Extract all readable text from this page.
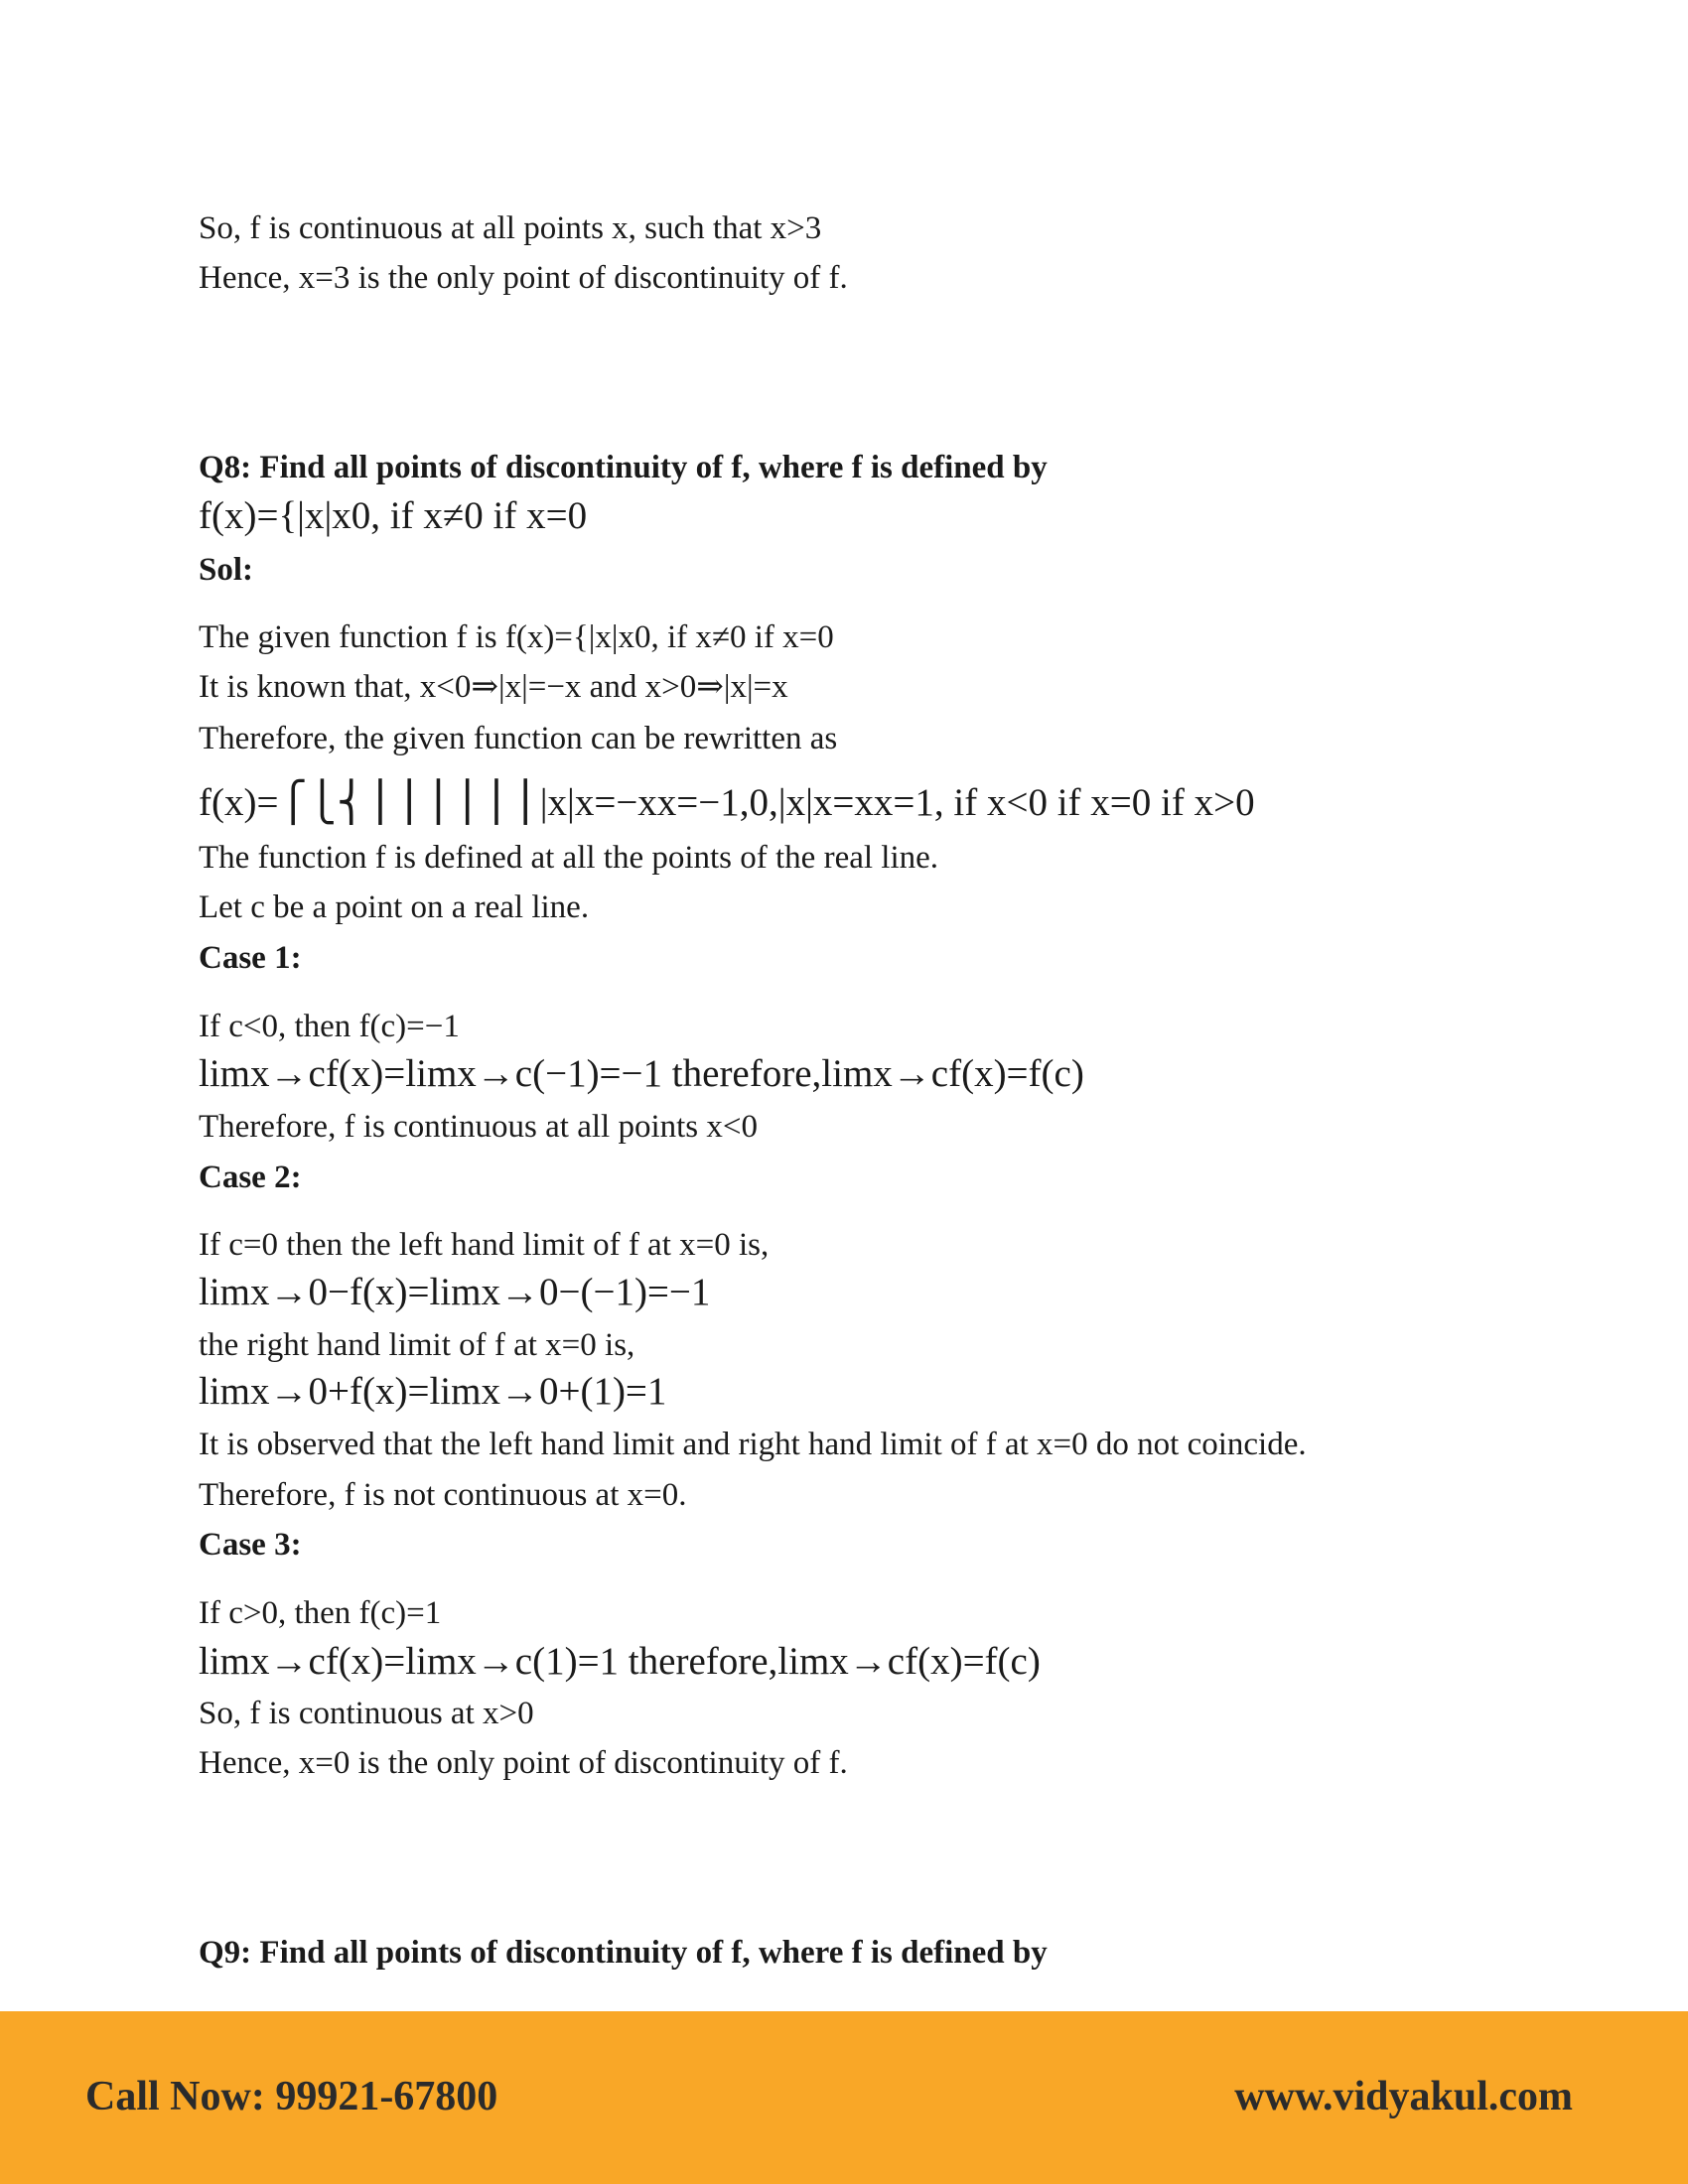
So, f is continuous at all points x, such that x>3
Hence, x=3 is the only point of discontinuity of f.
Q8: Find all points of discontinuity of f, where f is defined by
f(x)={|x|x0, if x≠0 if x=0
Sol:
The given function f is f(x)={|x|x0, if x≠0 if x=0
It is known that, x<0⇒|x|=−x and x>0⇒|x|=x
Therefore, the given function can be rewritten as
f(x)=⎧⎩⎨⎪⎪⎪⎪⎪⎪|x|x=−xx=−1,0,|x|x=xx=1, if x<0 if x=0 if x>0
The function f is defined at all the points of the real line.
Let c be a point on a real line.
Case 1:
If c<0, then f(c)=−1
limx→cf(x)=limx→c(−1)=−1 therefore,limx→cf(x)=f(c)
Therefore, f is continuous at all points x<0
Case 2:
If c=0 then the left hand limit of f at x=0 is,
limx→0−f(x)=limx→0−(−1)=−1
the right hand limit of f at x=0 is,
limx→0+f(x)=limx→0+(1)=1
It is observed that the left hand limit and right hand limit of f at x=0 do not coincide.
Therefore, f is not continuous at x=0.
Case 3:
If c>0, then f(c)=1
limx→cf(x)=limx→c(1)=1 therefore,limx→cf(x)=f(c)
So, f is continuous at x>0
Hence, x=0 is the only point of discontinuity of f.
Q9: Find all points of discontinuity of f, where f is defined by
Call Now: 99921-67800	www.vidyakul.com
